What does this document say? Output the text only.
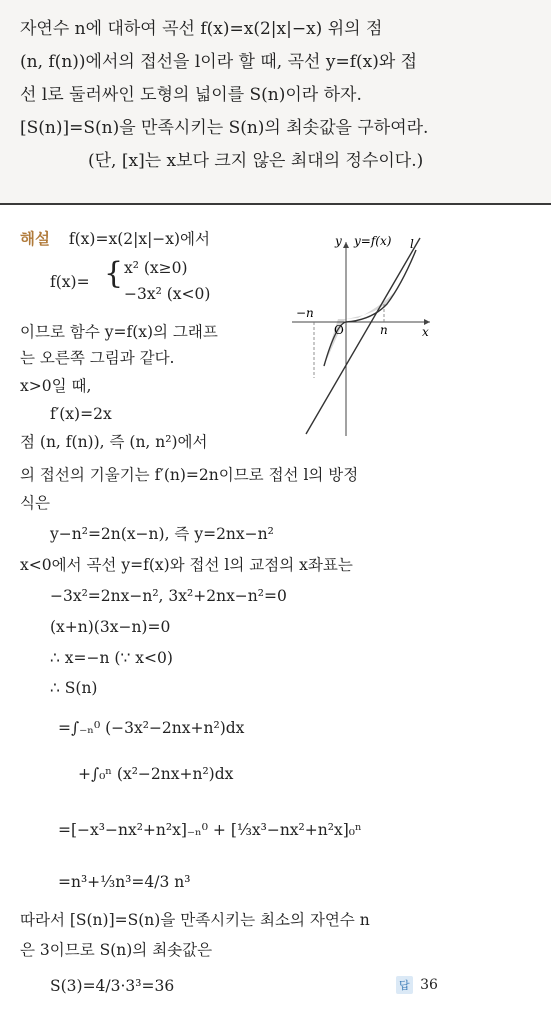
자연수 n에 대하여 곡선 f(x)=x(2|x|−x) 위의 점
(n, f(n))에서의 접선을 l이라 할 때, 곡선 y=f(x)와 접
선 l로 둘러싸인 도형의 넓이를 S(n)이라 하자.
[S(n)]=S(n)을 만족시키는 S(n)의 최솟값을 구하여라.
(단, [x]는 x보다 크지 않은 최대의 정수이다.)
해설 f(x)=x(2|x|−x)에서
f(x)= { x² (x≥0)
−3x² (x<0)
이므로 함수 y=f(x)의 그래프
는 오른쪽 그림과 같다.
x>0일 때,
f′(x)=2x
점 (n, f(n)), 즉 (n, n²)에서
의 접선의 기울기는 f′(n)=2n이므로 접선 l의 방정
식은
y−n²=2n(x−n), 즉 y=2nx−n²
x<0에서 곡선 y=f(x)와 접선 l의 교점의 x좌표는
−3x²=2nx−n², 3x²+2nx−n²=0
(x+n)(3x−n)=0
∴ x=−n (∵ x<0)
∴ S(n)
=∫₋ₙ⁰ (−3x²−2nx+n²)dx
+∫₀ⁿ (x²−2nx+n²)dx
=[−x³−nx²+n²x]₋ₙ⁰ + [⅓x³−nx²+n²x]₀ⁿ
=n³+⅓n³=4/3 n³
따라서 [S(n)]=S(n)을 만족시키는 최소의 자연수 n
은 3이므로 S(n)의 최솟값은
S(3)=4/3·3³=36	답 36
y y=f(x) l
−n
O	n	x
